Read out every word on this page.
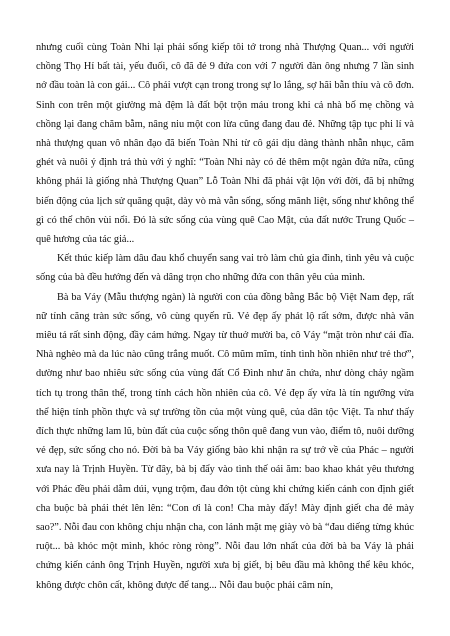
nhưng cuối cùng Toàn Nhi lại phải sống kiếp tôi tớ trong nhà Thượng Quan... với người chồng Thọ Hỉ bất tài, yếu đuối, cô đã đẻ 9 đứa con với 7 người đàn ông nhưng 7 lần sinh nở đầu toàn là con gái... Cô phải vượt cạn trong trong sự lo lắng, sợ hãi bẫn thỉu và cô đơn. Sinh con trên một giường mà đệm là đất bột trộn máu trong khi cả nhà bố mẹ chồng và chồng lại đang chăm bẵm, nâng niu một con lừa cũng đang đau đẻ. Những tập tục phi lí và nhà thượng quan vô nhân đạo đã biến Toàn Nhi từ cô gái dịu dàng thành nhẫn nhục, căm ghét và nuôi ý định trả thù với ý nghĩ: “Toàn Nhi này có đẻ thêm một ngàn đứa nữa, cũng không phải là giống nhà Thượng Quan” Lỗ Toàn Nhi đã phải vật lộn với đời, đã bị những biến động của lịch sử quăng quật, dày vò mà vẫn sống, sống mãnh liệt, sống như không thể gì có thể chôn vùi nổi. Đó là sức sống của vùng quê Cao Mật, của đất nước Trung Quốc – quê hương của tác giả...

Kết thúc kiếp làm dâu đau khổ chuyển sang vai trò làm chủ gia đình, tình yêu và cuộc sống của bà đều hướng đến và dâng trọn cho những đứa con thân yêu của mình.

Bà ba Váy (Mẫu thượng ngàn) là người con của đồng bằng Bắc bộ Việt Nam đẹp, rất nữ tính căng tràn sức sống, vô cùng quyến rũ. Vẻ đẹp ấy phát lộ rất sớm, được nhà văn miêu tả rất sinh động, đầy cảm hứng. Ngay từ thuở mười ba, cô Váy “mặt tròn như cái đĩa. Nhà nghèo mà da lúc nào cũng trắng muốt. Cô mũm mĩm, tính tình hồn nhiên như trẻ thơ”, dường như bao nhiêu sức sống của vùng đất Cổ Đình như ăn chứa, như dòng chảy ngầm tích tụ trong thân thể, trong tính cách hồn nhiên của cô. Vẻ đẹp ấy vừa là tín ngưỡng vừa thể hiện tính phồn thực và sự trường tồn của một vùng quê, của dân tộc Việt. Ta như thấy đích thực những lam lũ, bùn đất của cuộc sống thôn quê đang vun vào, điểm tô, nuôi dưỡng vẻ đẹp, sức sống cho nó. Đời bà ba Váy giống bào khi nhận ra sự trở về của Phác – người xưa nay là Trịnh Huyền. Từ đây, bà bị đẩy vào tình thế oái ăm: bao khao khát yêu thương với Phác đều phải dằm dúi, vụng trộm, đau đớn tột cùng khi chứng kiến cảnh con định giết cha buộc bà phải thét lên lên: “Con ơi là con! Cha mày đấy! Mày định giết cha đẻ mày sao?”. Nỗi đau con không chịu nhận cha, con lánh mặt mẹ giày vò bà “đau diếng từng khúc ruột... bà khóc một mình, khóc ròng ròng”. Nỗi đau lớn nhất của đời bà ba Váy là phải chứng kiến cảnh ông Trịnh Huyền, người xưa bị giết, bị bêu đầu mà không thể kêu khóc, không được chôn cất, không được để tang... Nỗi đau buộc phải câm nín,
